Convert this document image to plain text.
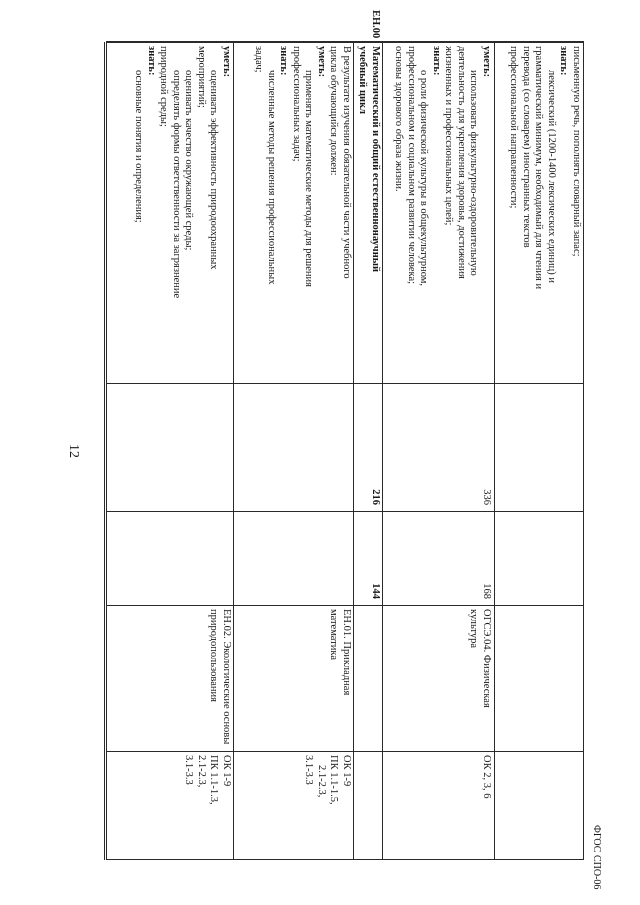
12
ФГОС СПО-06
письменную речь, пополнять словарный запас;
знать:
лексический (1200-1400 лексических единиц) и
грамматический минимум, необходимый для чтения и
перевода (со словарем) иностранных текстов
профессиональной направленности;
уметь:
использовать физкультурно-оздоровительную
деятельность для укрепления здоровья, достижения
жизненных и профессиональных целей;
знать:
о роли физической культуры в общекультурном,
профессиональном и социальном развитии человека;
основы здорового образа жизни.
336
168
ОГСЭ.04. Физическая культура
ОК 2, 3, 6
ЕН.00
Математический и общий естественнонаучный
учебный цикл
216
144
В результате изучения обязательной части учебного
цикла обучающийся должен:
уметь:
применять математические методы для решения
профессиональных задач;
знать:
численные методы решения профессиональных
задач;
ЕН.01. Прикладная математика
ОК 1-9
ПК 1.1-1.5,
2.1-2.3,
3.1-3.3
уметь:
оценивать эффективность природоохранных
мероприятий;
оценивать качество окружающей среды;
определять формы ответственности за загрязнение
природной среды;
знать:
основные понятия и определения;
ЕН.02. Экологические основы природопользования
ОК 1-9
ПК 1.1-1.3,
2.1-2.3,
3.1-3.3
